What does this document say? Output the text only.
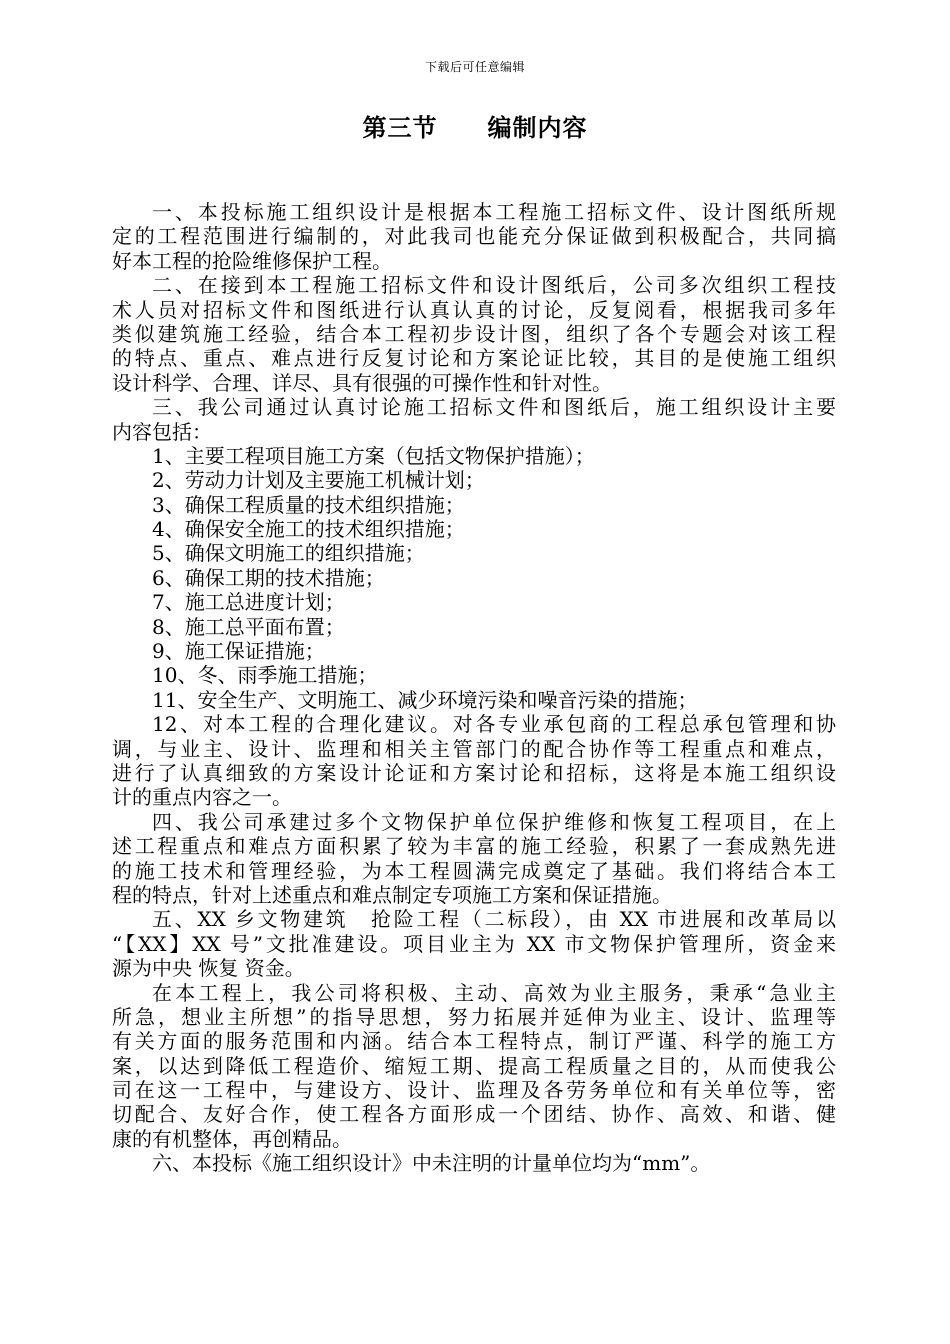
下载后可任意编辑
第三节　　编制内容
一、本投标施工组织设计是根据本工程施工招标文件、设计图纸所规
定的工程范围进行编制的，对此我司也能充分保证做到积极配合，共同搞
好本工程的抢险维修保护工程。
二、在接到本工程施工招标文件和设计图纸后，公司多次组织工程技
术人员对招标文件和图纸进行认真认真的讨论，反复阅看，根据我司多年
类似建筑施工经验，结合本工程初步设计图，组织了各个专题会对该工程
的特点、重点、难点进行反复讨论和方案论证比较，其目的是使施工组织
设计科学、合理、详尽、具有很强的可操作性和针对性。
三、我公司通过认真讨论施工招标文件和图纸后，施工组织设计主要
内容包括：
1、主要工程项目施工方案（包括文物保护措施）；
2、劳动力计划及主要施工机械计划；
3、确保工程质量的技术组织措施；
4、确保安全施工的技术组织措施；
5、确保文明施工的组织措施；
6、确保工期的技术措施；
7、施工总进度计划；
8、施工总平面布置；
9、施工保证措施；
10、冬、雨季施工措施；
11、安全生产、文明施工、减少环境污染和噪音污染的措施；
12、对本工程的合理化建议。对各专业承包商的工程总承包管理和协
调，与业主、设计、监理和相关主管部门的配合协作等工程重点和难点，
进行了认真细致的方案设计论证和方案讨论和招标，这将是本施工组织设
计的重点内容之一。
四、我公司承建过多个文物保护单位保护维修和恢复工程项目，在上
述工程重点和难点方面积累了较为丰富的施工经验，积累了一套成熟先进
的施工技术和管理经验，为本工程圆满完成奠定了基础。我们将结合本工
程的特点，针对上述重点和难点制定专项施工方案和保证措施。
五、XX 乡文物建筑　抢险工程（二标段），由 XX 市进展和改革局以
“【XX】XX 号”文批准建设。项目业主为 XX 市文物保护管理所，资金来
源为中央 恢复 资金。
在本工程上，我公司将积极、主动、高效为业主服务，秉承“急业主
所急，想业主所想”的指导思想，努力拓展并延伸为业主、设计、监理等
有关方面的服务范围和内涵。结合本工程特点，制订严谨、科学的施工方
案，以达到降低工程造价、缩短工期、提高工程质量之目的，从而使我公
司在这一工程中，与建设方、设计、监理及各劳务单位和有关单位等，密
切配合、友好合作，使工程各方面形成一个团结、协作、高效、和谐、健
康的有机整体，再创精品。
六、本投标《施工组织设计》中未注明的计量单位均为“mm”。
